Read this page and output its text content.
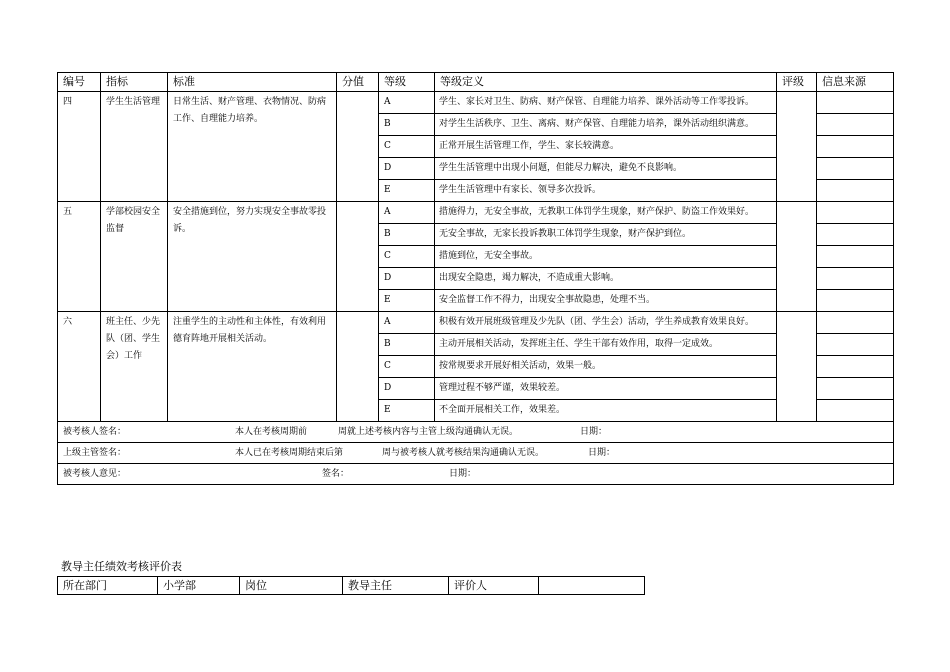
编号	指标	标准	分值	等级	等级定义	评级	信息来源
四	学生生活管理	日常生活、财产管理、衣物情况、防病工作、自理能力培养。		A	学生、家长对卫生、防病、财产保管、自理能力培养、课外活动等工作零投诉。		
				B	对学生生活秩序、卫生、离病、财产保管、自理能力培养，课外活动组织满意。		
				C	正常开展生活管理工作，学生、家长较满意。		
				D	学生生活管理中出现小问题，但能尽力解决，避免不良影响。		
				E	学生生活管理中有家长、领导多次投诉。		
五	学部校园安全监督	安全措施到位，努力实现安全事故零投诉。		A	措施得力，无安全事故，无教职工体罚学生现象，财产保护、防盗工作效果好。		
				B	无安全事故，无家长投诉教职工体罚学生现象，财产保护到位。		
				C	措施到位，无安全事故。		
				D	出现安全隐患，竭力解决，不造成重大影响。		
				E	安全监督工作不得力，出现安全事故隐患，处理不当。		
六	班主任、少先队（团、学生会）工作	注重学生的主动性和主体性，有效利用德育阵地开展相关活动。		A	积极有效开展班级管理及少先队（团、学生会）活动，学生养成教育效果良好。		
				B	主动开展相关活动，发挥班主任、学生干部有效作用，取得一定成效。		
				C	按常规要求开展好相关活动，效果一般。		
				D	管理过程不够严谨，效果较差。		
				E	不全面开展相关工作，效果差。		
被考核人签名： 本人在考核周期前 周就上述考核内容与主管上级沟通确认无误。 日期：							
上级主管签名： 本人已在考核周期结束后第 周与被考核人就考核结果沟通确认无误。 日期：							
被考核人意见： 签名： 日期：							
教导主任绩效考核评价表
所在部门	小学部	岗位	教导主任	评价人	
